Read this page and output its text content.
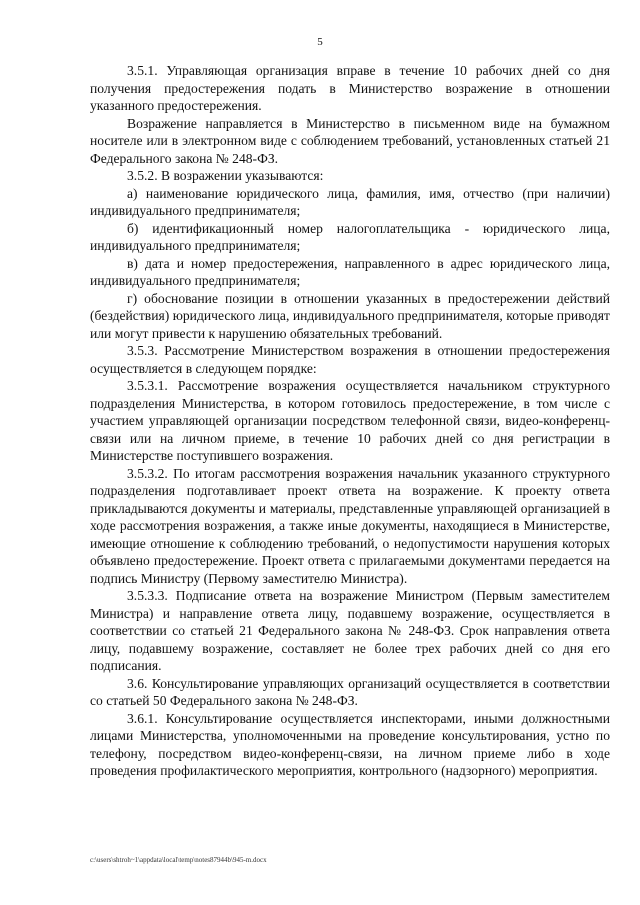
5

3.5.1. Управляющая организация вправе в течение 10 рабочих дней со дня получения предостережения подать в Министерство возражение в отношении указанного предостережения.

Возражение направляется в Министерство в письменном виде на бумажном носителе или в электронном виде с соблюдением требований, установленных статьей 21 Федерального закона № 248-ФЗ.

3.5.2. В возражении указываются:

а) наименование юридического лица, фамилия, имя, отчество (при наличии) индивидуального предпринимателя;

б) идентификационный номер налогоплательщика - юридического лица, индивидуального предпринимателя;

в) дата и номер предостережения, направленного в адрес юридического лица, индивидуального предпринимателя;

г) обоснование позиции в отношении указанных в предостережении действий (бездействия) юридического лица, индивидуального предпринимателя, которые приводят или могут привести к нарушению обязательных требований.

3.5.3. Рассмотрение Министерством возражения в отношении предостережения осуществляется в следующем порядке:

3.5.3.1. Рассмотрение возражения осуществляется начальником структурного подразделения Министерства, в котором готовилось предостережение, в том числе с участием управляющей организации посредством телефонной связи, видео-конференц-связи или на личном приеме, в течение 10 рабочих дней со дня регистрации в Министерстве поступившего возражения.

3.5.3.2. По итогам рассмотрения возражения начальник указанного структурного подразделения подготавливает проект ответа на возражение. К проекту ответа прикладываются документы и материалы, представленные управляющей организацией в ходе рассмотрения возражения, а также иные документы, находящиеся в Министерстве, имеющие отношение к соблюдению требований, о недопустимости нарушения которых объявлено предостережение. Проект ответа с прилагаемыми документами передается на подпись Министру (Первому заместителю Министра).

3.5.3.3. Подписание ответа на возражение Министром (Первым заместителем Министра) и направление ответа лицу, подавшему возражение, осуществляется в соответствии со статьей 21 Федерального закона № 248-ФЗ. Срок направления ответа лицу, подавшему возражение, составляет не более трех рабочих дней со дня его подписания.

3.6. Консультирование управляющих организаций осуществляется в соответствии со статьей 50 Федерального закона № 248-ФЗ.

3.6.1. Консультирование осуществляется инспекторами, иными должностными лицами Министерства, уполномоченными на проведение консультирования, устно по телефону, посредством видео-конференц-связи, на личном приеме либо в ходе проведения профилактического мероприятия, контрольного (надзорного) мероприятия.

c:\users\shtroh~1\appdata\local\temp\notes87944b\945-m.docx
